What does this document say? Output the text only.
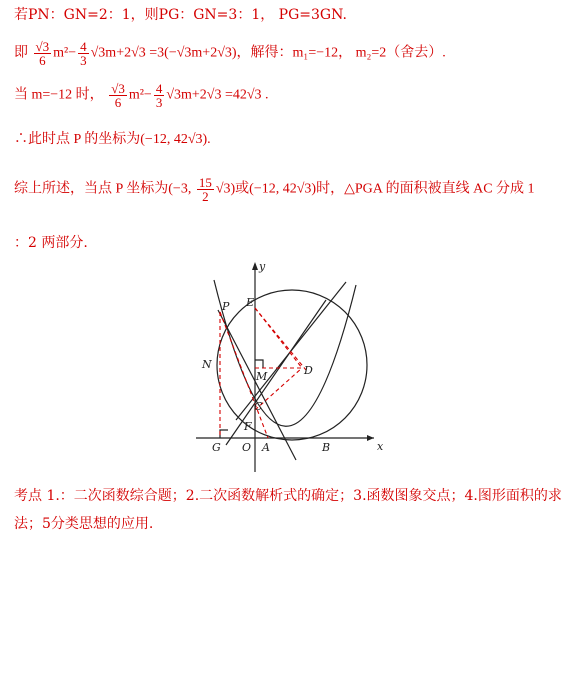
若PN：GN=2：1，则PG：GN=3：1， PG=3GN.
即 $\frac{√3}{6} m^2- \frac{4}{3} √3m+2√3 =3(-√3m+2√3)$，解得：m₁=−12， m₂=2（舍去）.
当 m=−12 时， $\frac{√3}{6} m^2- \frac{4}{3} √3m+2√3 =42√3$ .
∴此时点 P 的坐标为(−12, 42√3).
综上所述，当点 P 坐标为(−3, $\frac{15}{2} √3$)或(−12, 42√3)时，△PGA 的面积被直线 AC 分成 1
：2 两部分.
y
x
E
P
N
M	D
C
F
G O A	B
考点 1.：二次函数综合题；2.二次函数解析式的确定；3.函数图象交点；4.图形面积的求法；5分类思想的应用.
